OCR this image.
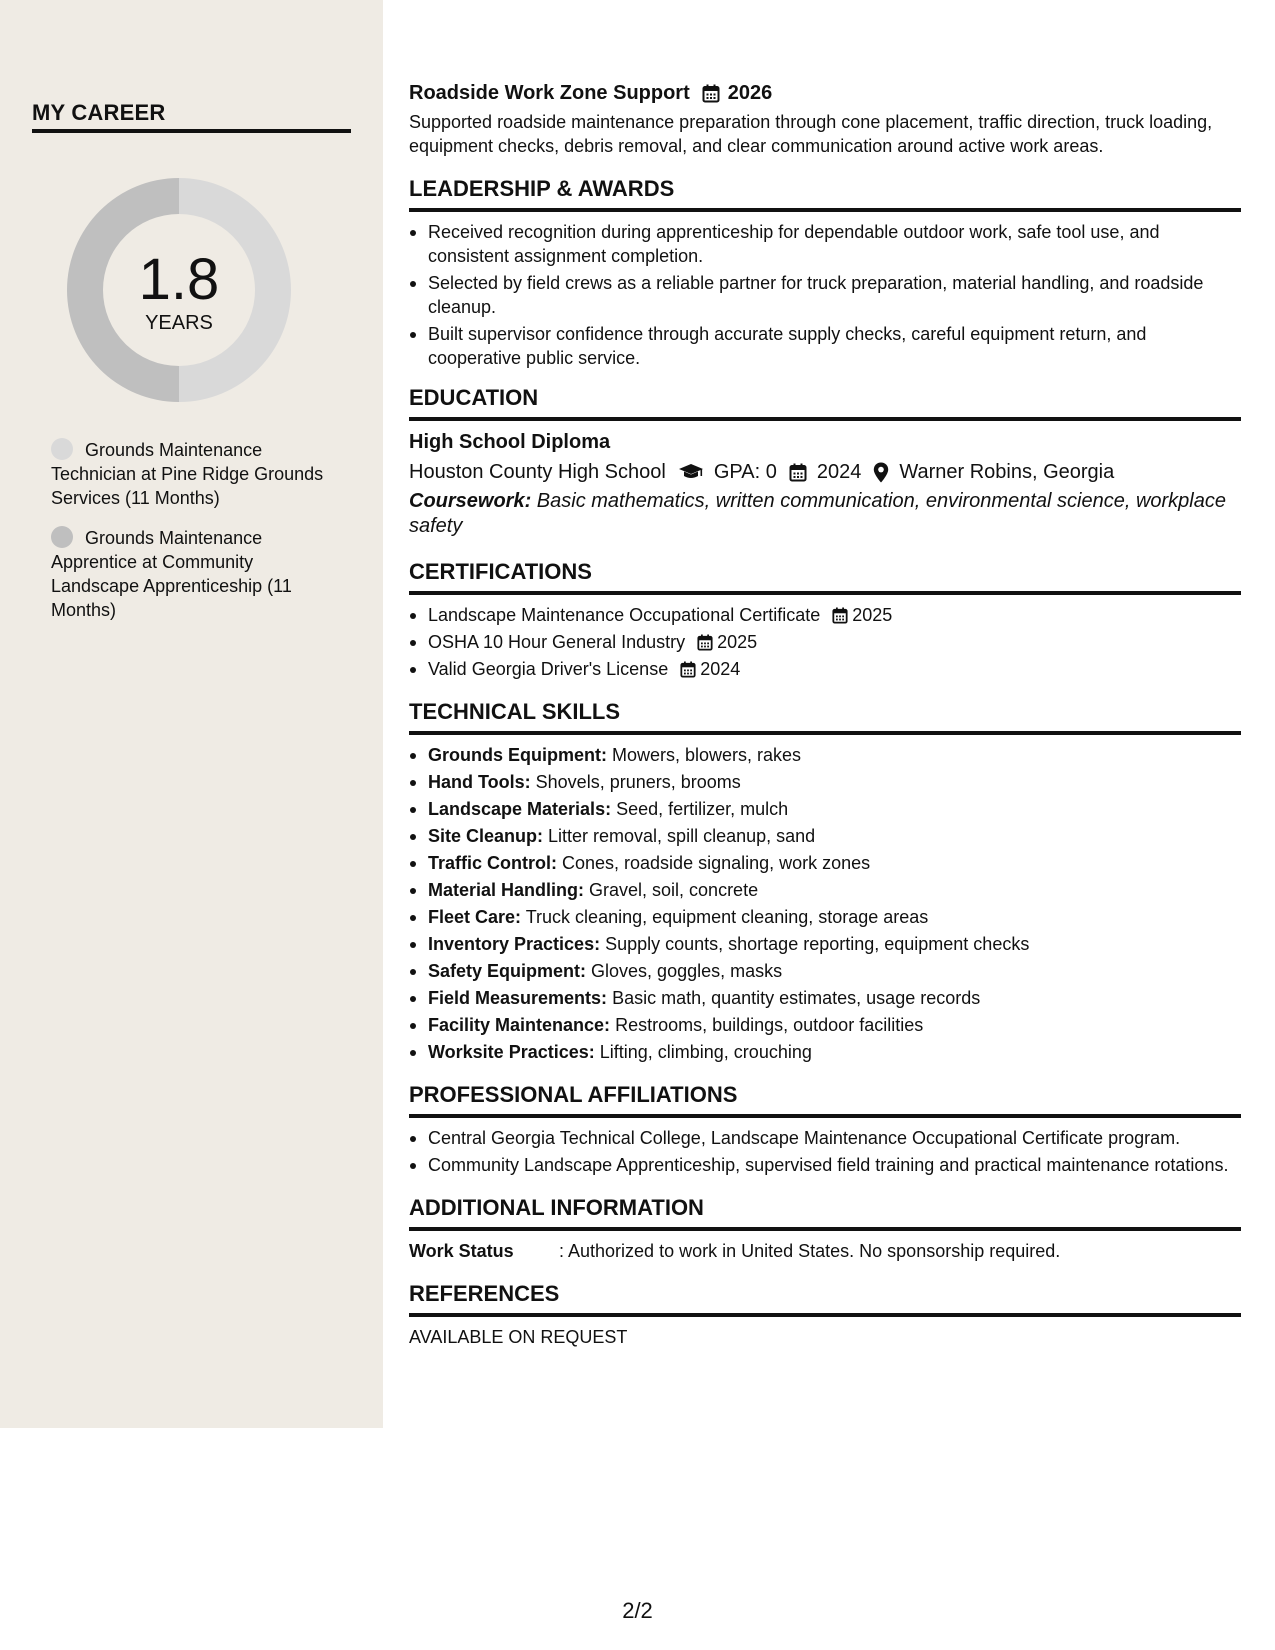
MY CAREER
1.8
YEARS
Grounds Maintenance Technician at Pine Ridge Grounds Services (11 Months)
Grounds Maintenance Apprentice at Community Landscape Apprenticeship (11 Months)
Roadside Work Zone Support 2026
Supported roadside maintenance preparation through cone placement, traffic direction, truck loading, equipment checks, debris removal, and clear communication around active work areas.
LEADERSHIP & AWARDS
Received recognition during apprenticeship for dependable outdoor work, safe tool use, and consistent assignment completion.
Selected by field crews as a reliable partner for truck preparation, material handling, and roadside cleanup.
Built supervisor confidence through accurate supply checks, careful equipment return, and cooperative public service.
EDUCATION
High School Diploma
Houston County High School GPA: 0 2024 Warner Robins, Georgia
Coursework: Basic mathematics, written communication, environmental science, workplace safety
CERTIFICATIONS
Landscape Maintenance Occupational Certificate 2025
OSHA 10 Hour General Industry 2025
Valid Georgia Driver's License 2024
TECHNICAL SKILLS
Grounds Equipment: Mowers, blowers, rakes
Hand Tools: Shovels, pruners, brooms
Landscape Materials: Seed, fertilizer, mulch
Site Cleanup: Litter removal, spill cleanup, sand
Traffic Control: Cones, roadside signaling, work zones
Material Handling: Gravel, soil, concrete
Fleet Care: Truck cleaning, equipment cleaning, storage areas
Inventory Practices: Supply counts, shortage reporting, equipment checks
Safety Equipment: Gloves, goggles, masks
Field Measurements: Basic math, quantity estimates, usage records
Facility Maintenance: Restrooms, buildings, outdoor facilities
Worksite Practices: Lifting, climbing, crouching
PROFESSIONAL AFFILIATIONS
Central Georgia Technical College, Landscape Maintenance Occupational Certificate program.
Community Landscape Apprenticeship, supervised field training and practical maintenance rotations.
ADDITIONAL INFORMATION
Work Status	: Authorized to work in United States. No sponsorship required.
REFERENCES
AVAILABLE ON REQUEST
2/2
